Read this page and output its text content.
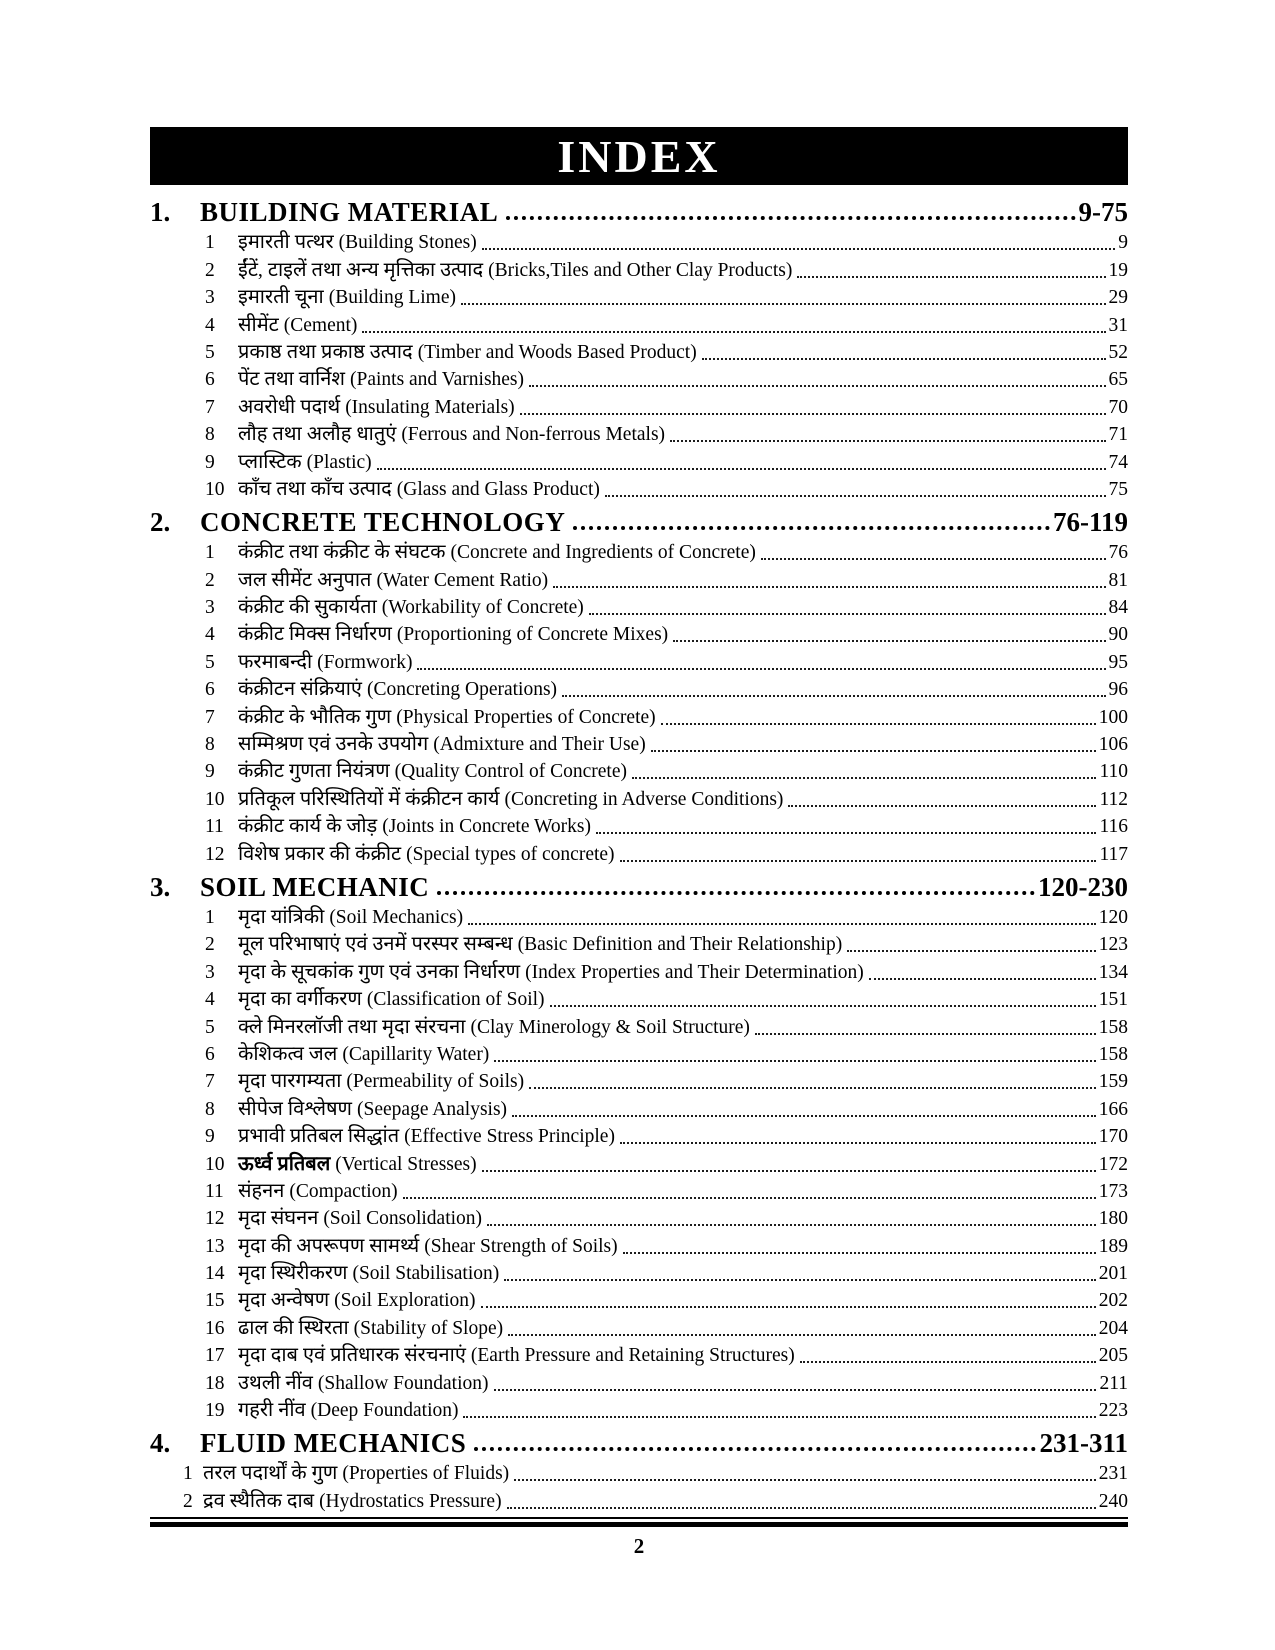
INDEX
1.	BUILDING MATERIAL	9-75
1	इमारती पत्थर (Building Stones)	9
2	ईंटें, टाइलें तथा अन्य मृत्तिका उत्पाद (Bricks,Tiles and Other Clay Products)	19
3	इमारती चूना (Building Lime)	29
4	सीमेंट (Cement)	31
5	प्रकाष्ठ तथा प्रकाष्ठ उत्पाद (Timber and Woods Based Product)	52
6	पेंट तथा वार्निश (Paints and Varnishes)	65
7	अवरोधी पदार्थ (Insulating Materials)	70
8	लौह तथा अलौह धातुएं (Ferrous and Non-ferrous Metals)	71
9	प्लास्टिक (Plastic)	74
10 काँच तथा काँच उत्पाद (Glass and Glass Product)	75
2.	CONCRETE TECHNOLOGY	76-119
1	कंक्रीट तथा कंक्रीट के संघटक (Concrete and Ingredients of Concrete)	76
2	जल सीमेंट अनुपात (Water Cement Ratio)	81
3	कंक्रीट की सुकार्यता (Workability of Concrete)	84
4	कंक्रीट मिक्स निर्धारण (Proportioning of Concrete Mixes)	90
5	फरमाबन्दी (Formwork)	95
6	कंक्रीटन संक्रियाएं (Concreting Operations)	96
7	कंक्रीट के भौतिक गुण (Physical Properties of Concrete)	100
8	सम्मिश्रण एवं उनके उपयोग (Admixture and Their Use)	106
9	कंक्रीट गुणता नियंत्रण (Quality Control of Concrete)	110
10 प्रतिकूल परिस्थितियों में कंक्रीटन कार्य (Concreting in Adverse Conditions)	112
11 कंक्रीट कार्य के जोड़ (Joints in Concrete Works)	116
12 विशेष प्रकार की कंक्रीट (Special types of concrete)	117
3.	SOIL MECHANIC	120-230
1	मृदा यांत्रिकी (Soil Mechanics)	120
2	मूल परिभाषाएं एवं उनमें परस्पर सम्बन्ध (Basic Definition and Their Relationship)	123
3	मृदा के सूचकांक गुण एवं उनका निर्धारण (Index Properties and Their Determination)	134
4	मृदा का वर्गीकरण (Classification of Soil)	151
5	क्ले मिनरलॉजी तथा मृदा संरचना (Clay Minerology & Soil Structure)	158
6	केशिकत्व जल (Capillarity Water)	158
7	मृदा पारगम्यता (Permeability of Soils)	159
8	सीपेज विश्लेषण (Seepage Analysis)	166
9	प्रभावी प्रतिबल सिद्धांत (Effective Stress Principle)	170
10 ऊर्ध्व प्रतिबल (Vertical Stresses)	172
11 संहनन (Compaction)	173
12 मृदा संघनन (Soil Consolidation)	180
13 मृदा की अपरूपण सामर्थ्य (Shear Strength of Soils)	189
14 मृदा स्थिरीकरण (Soil Stabilisation)	201
15 मृदा अन्वेषण (Soil Exploration)	202
16 ढाल की स्थिरता (Stability of Slope)	204
17 मृदा दाब एवं प्रतिधारक संरचनाएं (Earth Pressure and Retaining Structures)	205
18 उथली नींव (Shallow Foundation)	211
19 गहरी नींव (Deep Foundation)	223
4.	FLUID MECHANICS	231-311
1 तरल पदार्थों के गुण (Properties of Fluids)	231
2 द्रव स्थैतिक दाब (Hydrostatics Pressure)	240
2
